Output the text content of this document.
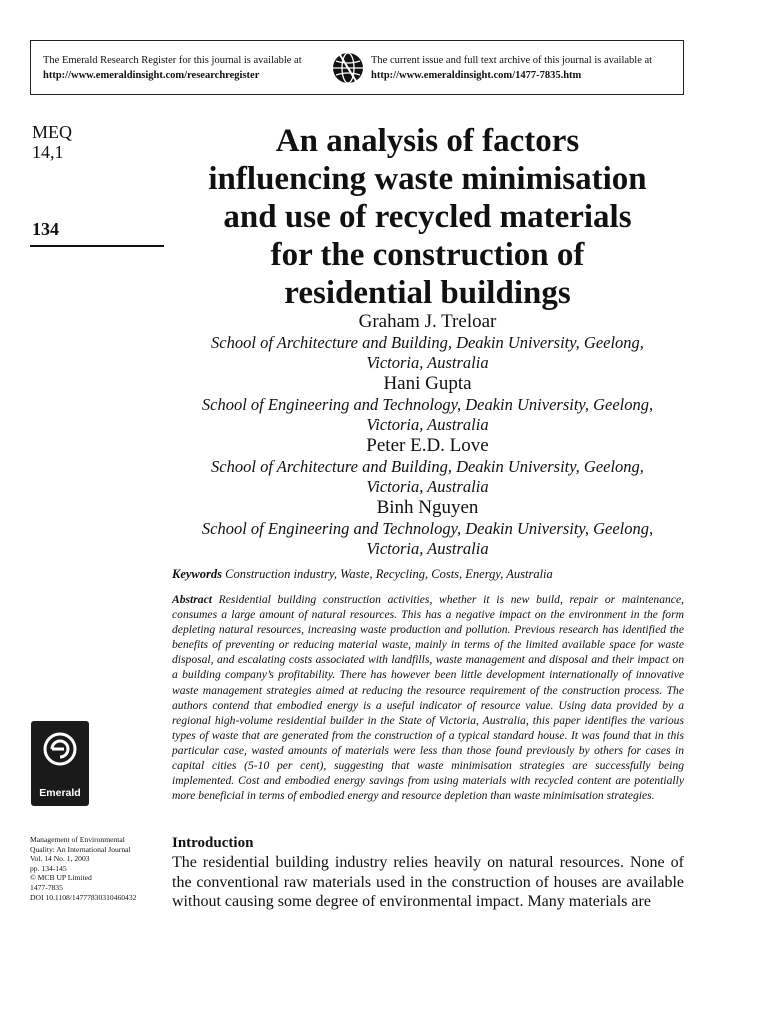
The Emerald Research Register for this journal is available at
http://www.emeraldinsight.com/researchregister
The current issue and full text archive of this journal is available at
http://www.emeraldinsight.com/1477-7835.htm
MEQ
14,1
134
An analysis of factors
influencing waste minimisation
and use of recycled materials
for the construction of
residential buildings
Graham J. Treloar
School of Architecture and Building, Deakin University, Geelong,
Victoria, Australia
Hani Gupta
School of Engineering and Technology, Deakin University, Geelong,
Victoria, Australia
Peter E.D. Love
School of Architecture and Building, Deakin University, Geelong,
Victoria, Australia
Binh Nguyen
School of Engineering and Technology, Deakin University, Geelong,
Victoria, Australia
Keywords Construction industry, Waste, Recycling, Costs, Energy, Australia
Abstract Residential building construction activities, whether it is new build, repair or maintenance, consumes a large amount of natural resources. This has a negative impact on the environment in the form depleting natural resources, increasing waste production and pollution. Previous research has identified the benefits of preventing or reducing material waste, mainly in terms of the limited available space for waste disposal, and escalating costs associated with landfills, waste management and disposal and their impact on a building company’s profitability. There has however been little development internationally of innovative waste management strategies aimed at reducing the resource requirement of the construction process. The authors contend that embodied energy is a useful indicator of resource value. Using data provided by a regional high-volume residential builder in the State of Victoria, Australia, this paper identifies the various types of waste that are generated from the construction of a typical standard house. It was found that in this particular case, wasted amounts of materials were less than those found previously by others for cases in capital cities (5-10 per cent), suggesting that waste minimisation strategies are successfully being implemented. Cost and embodied energy savings from using materials with recycled content are potentially more beneficial in terms of embodied energy and resource depletion than waste minimisation strategies.
Emerald
Management of Environmental
Quality: An International Journal
Vol. 14 No. 1, 2003
pp. 134-145
© MCB UP Limited
1477-7835
DOI 10.1108/14777830310460432
Introduction
The residential building industry relies heavily on natural resources. None of the conventional raw materials used in the construction of houses are available without causing some degree of environmental impact. Many materials are
